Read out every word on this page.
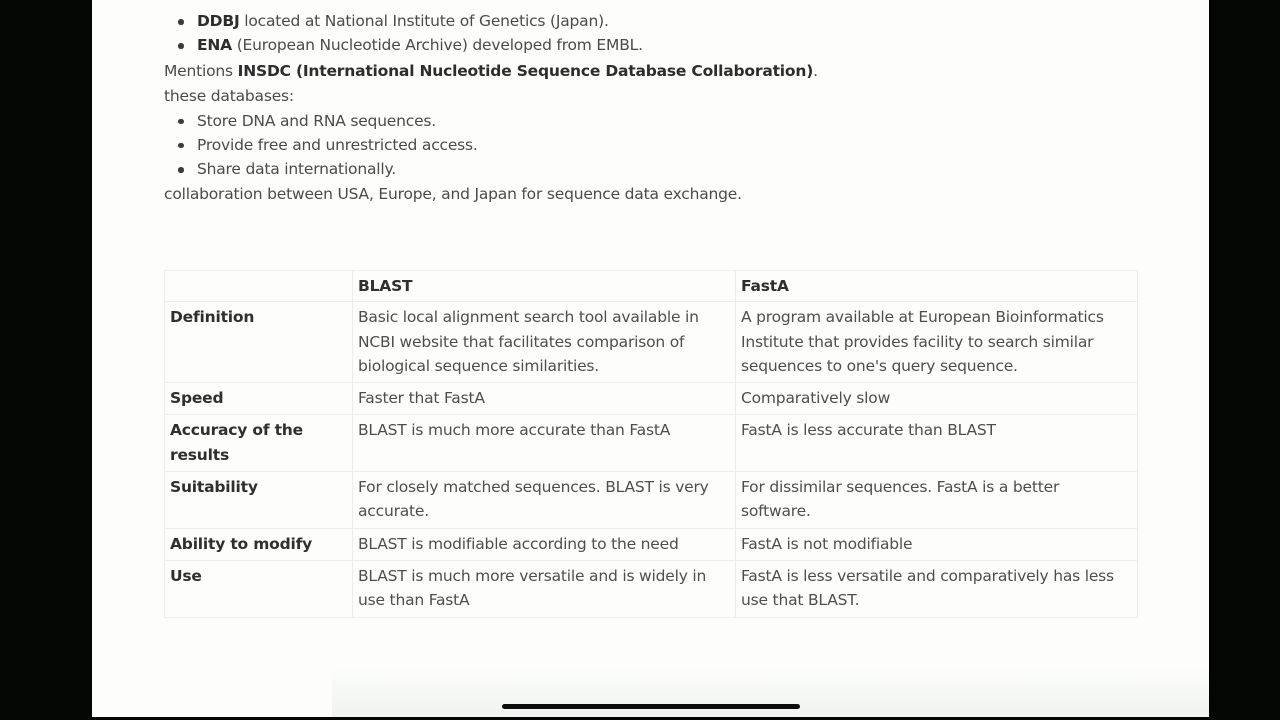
DDBJ located at National Institute of Genetics (Japan).
ENA (European Nucleotide Archive) developed from EMBL.
Mentions INSDC (International Nucleotide Sequence Database Collaboration).
these databases:
Store DNA and RNA sequences.
Provide free and unrestricted access.
Share data internationally.
collaboration between USA, Europe, and Japan for sequence data exchange.
	BLAST	FastA
Definition	Basic local alignment search tool available in NCBI website that facilitates comparison of biological sequence similarities.	A program available at European Bioinformatics Institute that provides facility to search similar sequences to one's query sequence.
Speed	Faster that FastA	Comparatively slow
Accuracy of the results	BLAST is much more accurate than FastA	FastA is less accurate than BLAST
Suitability	For closely matched sequences. BLAST is very accurate.	For dissimilar sequences. FastA is a better software.
Ability to modify	BLAST is modifiable according to the need	FastA is not modifiable
Use	BLAST is much more versatile and is widely in use than FastA	FastA is less versatile and comparatively has less use that BLAST.
